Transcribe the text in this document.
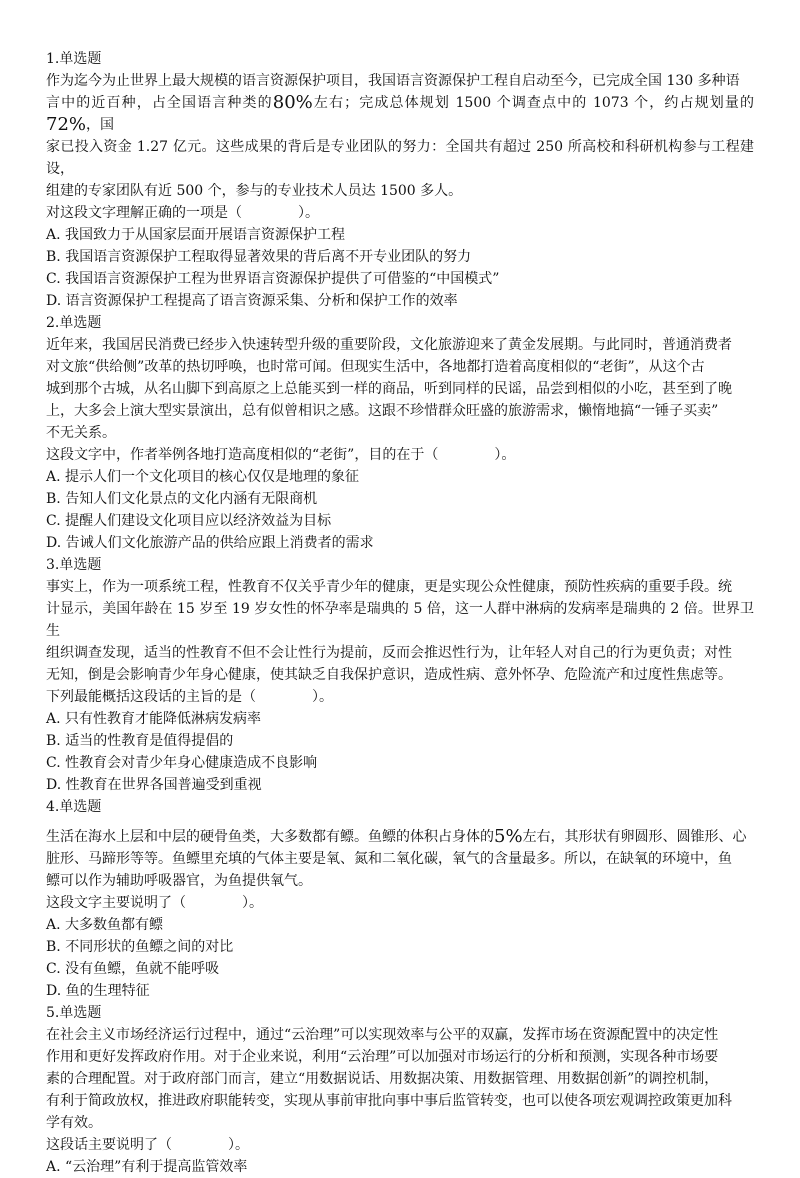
1.单选题

作为迄今为止世界上最大规模的语言资源保护项目，我国语言资源保护工程自启动至今，已完成全国 130 多种语
言中的近百种，占全国语言种类的80%左右；完成总体规划 1500 个调查点中的 1073 个，约占规划量的72%，国
家已投入资金 1.27 亿元。这些成果的背后是专业团队的努力：全国共有超过 250 所高校和科研机构参与工程建设，
组建的专家团队有近 500 个，参与的专业技术人员达 1500 多人。

对这段文字理解正确的一项是（　　　　）。

A. 我国致力于从国家层面开展语言资源保护工程

B. 我国语言资源保护工程取得显著效果的背后离不开专业团队的努力

C. 我国语言资源保护工程为世界语言资源保护提供了可借鉴的“中国模式”

D. 语言资源保护工程提高了语言资源采集、分析和保护工作的效率

2.单选题

近年来，我国居民消费已经步入快速转型升级的重要阶段，文化旅游迎来了黄金发展期。与此同时，普通消费者
对文旅“供给侧”改革的热切呼唤，也时常可闻。但现实生活中，各地都打造着高度相似的“老街”，从这个古
城到那个古城，从名山脚下到高原之上总能买到一样的商品，听到同样的民谣，品尝到相似的小吃，甚至到了晚
上，大多会上演大型实景演出，总有似曾相识之感。这跟不珍惜群众旺盛的旅游需求，懒惰地搞“一锤子买卖”
不无关系。

这段文字中，作者举例各地打造高度相似的“老街”，目的在于（　　　　）。

A. 提示人们一个文化项目的核心仅仅是地理的象征

B. 告知人们文化景点的文化内涵有无限商机

C. 提醒人们建设文化项目应以经济效益为目标

D. 告诫人们文化旅游产品的供给应跟上消费者的需求

3.单选题

事实上，作为一项系统工程，性教育不仅关乎青少年的健康，更是实现公众性健康，预防性疾病的重要手段。统
计显示，美国年龄在 15 岁至 19 岁女性的怀孕率是瑞典的 5 倍，这一人群中淋病的发病率是瑞典的 2 倍。世界卫生
组织调查发现，适当的性教育不但不会让性行为提前，反而会推迟性行为，让年轻人对自己的行为更负责；对性
无知，倒是会影响青少年身心健康，使其缺乏自我保护意识，造成性病、意外怀孕、危险流产和过度性焦虑等。

下列最能概括这段话的主旨的是（　　　　）。

A. 只有性教育才能降低淋病发病率

B. 适当的性教育是值得提倡的

C. 性教育会对青少年身心健康造成不良影响

D. 性教育在世界各国普遍受到重视

4.单选题

生活在海水上层和中层的硬骨鱼类，大多数都有鳔。鱼鳔的体积占身体的5%左右，其形状有卵圆形、圆锥形、心
脏形、马蹄形等等。鱼鳔里充填的气体主要是氧、氮和二氧化碳，氧气的含量最多。所以，在缺氧的环境中，鱼
鳔可以作为辅助呼吸器官，为鱼提供氧气。

这段文字主要说明了（　　　　）。

A. 大多数鱼都有鳔

B. 不同形状的鱼鳔之间的对比

C. 没有鱼鳔，鱼就不能呼吸

D. 鱼的生理特征

5.单选题

在社会主义市场经济运行过程中，通过“云治理”可以实现效率与公平的双赢，发挥市场在资源配置中的决定性
作用和更好发挥政府作用。对于企业来说，利用“云治理”可以加强对市场运行的分析和预测，实现各种市场要
素的合理配置。对于政府部门而言，建立“用数据说话、用数据决策、用数据管理、用数据创新”的调控机制，
有利于简政放权，推进政府职能转变，实现从事前审批向事中事后监管转变，也可以使各项宏观调控政策更加科
学有效。

这段话主要说明了（　　　　）。

A. “云治理”有利于提高监管效率
